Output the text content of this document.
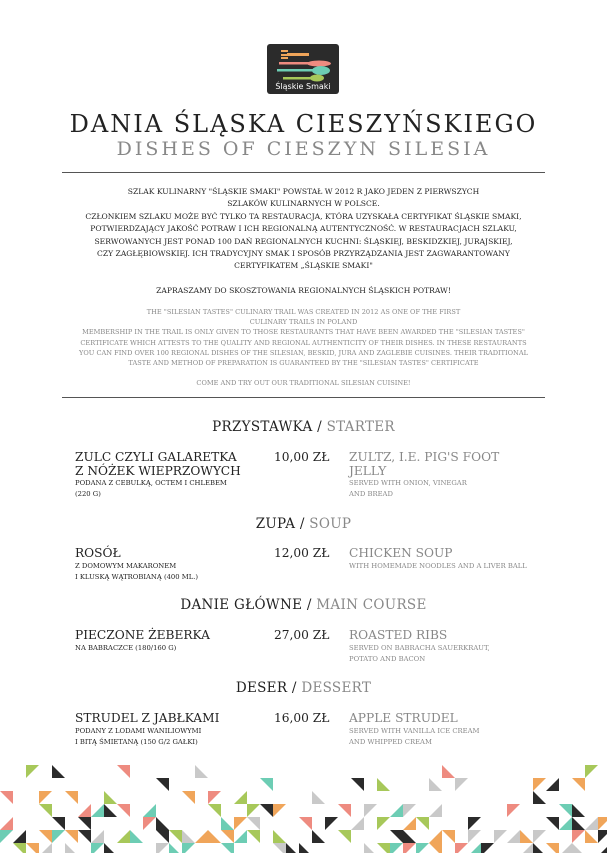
Śląskie Smaki
DANIA ŚLĄSKA CIESZYŃSKIEGO
DISHES OF CIESZYN SILESIA

SZLAK KULINARNY "ŚLĄSKIE SMAKI" POWSTAŁ W 2012 R JAKO JEDEN Z PIERWSZYCH

SZLAKÓW KULINARNYCH W POLSCE.

CZŁONKIEM SZLAKU MOŻE BYĆ TYLKO TA RESTAURACJA, KTÓRA UZYSKAŁA CERTYFIKAT ŚLĄSKIE SMAKI,

POTWIERDZAJĄCY JAKOŚĆ POTRAW I ICH REGIONALNĄ AUTENTYCZNOŚĆ. W RESTAURACJACH SZLAKU,

SERWOWANYCH JEST PONAD 100 DAŃ REGIONALNYCH KUCHNI: ŚLĄSKIEJ, BESKIDZKIEJ, JURAJSKIEJ,

CZY ZAGŁĘBIOWSKIEJ. ICH TRADYCYJNY SMAK I SPOSÓB PRZYRZĄDZANIA JEST ZAGWARANTOWANY

CERTYFIKATEM „ŚLĄSKIE SMAKI"

ZAPRASZAMY DO SKOSZTOWANIA REGIONALNYCH ŚLĄSKICH POTRAW!

THE "SILESIAN TASTES" CULINARY TRAIL WAS CREATED IN 2012 AS ONE OF THE FIRST

CULINARY TRAILS IN POLAND

MEMBERSHIP IN THE TRAIL IS ONLY GIVEN TO THOSE RESTAURANTS THAT HAVE BEEN AWARDED THE "SILESIAN TASTES"

CERTIFICATE WHICH ATTESTS TO THE QUALITY AND REGIONAL AUTHENTICITY OF THEIR DISHES. IN THESE RESTAURANTS

YOU CAN FIND OVER 100 REGIONAL DISHES OF THE SILESIAN, BESKID, JURA AND ZAGLEBIE CUISINES. THEIR TRADITIONAL

TASTE AND METHOD OF PREPARATION IS GUARANTEED BY THE "SILESIAN TASTES" CERTIFICATE

COME AND TRY OUT OUR TRADITIONAL SILESIAN CUISINE!

PRZYSTAWKA / STARTER
ZULC CZYLI GALARETKA
Z NÓŻEK WIEPRZOWYCH
PODANA Z CEBULKĄ, OCTEM I CHLEBEM
(220 G)
10,00 ZŁ	ZULTZ, I.E. PIG'S FOOT
JELLY
SERVED WITH ONION, VINEGAR
AND BREAD
ZUPA / SOUP
ROSÓŁ
Z DOMOWYM MAKARONEM
I KLUSKĄ WĄTROBIANĄ (400 ML.)
12,00 ZŁ	CHICKEN SOUP
WITH HOMEMADE NOODLES AND A LIVER BALL
DANIE GŁÓWNE / MAIN COURSE
PIECZONE ŻEBERKA
NA BABRACZCE (180/160 G)
27,00 ZŁ	ROASTED RIBS
SERVED ON BABRACHA SAUERKRAUT,
POTATO AND BACON
DESER / DESSERT
STRUDEL Z JABŁKAMI
PODANY Z LODAMI WANILIOWYMI
I BITĄ ŚMIETANĄ (150 G/2 GAŁKI)
16,00 ZŁ	APPLE STRUDEL
SERVED WITH VANILLA ICE CREAM
AND WHIPPED CREAM
